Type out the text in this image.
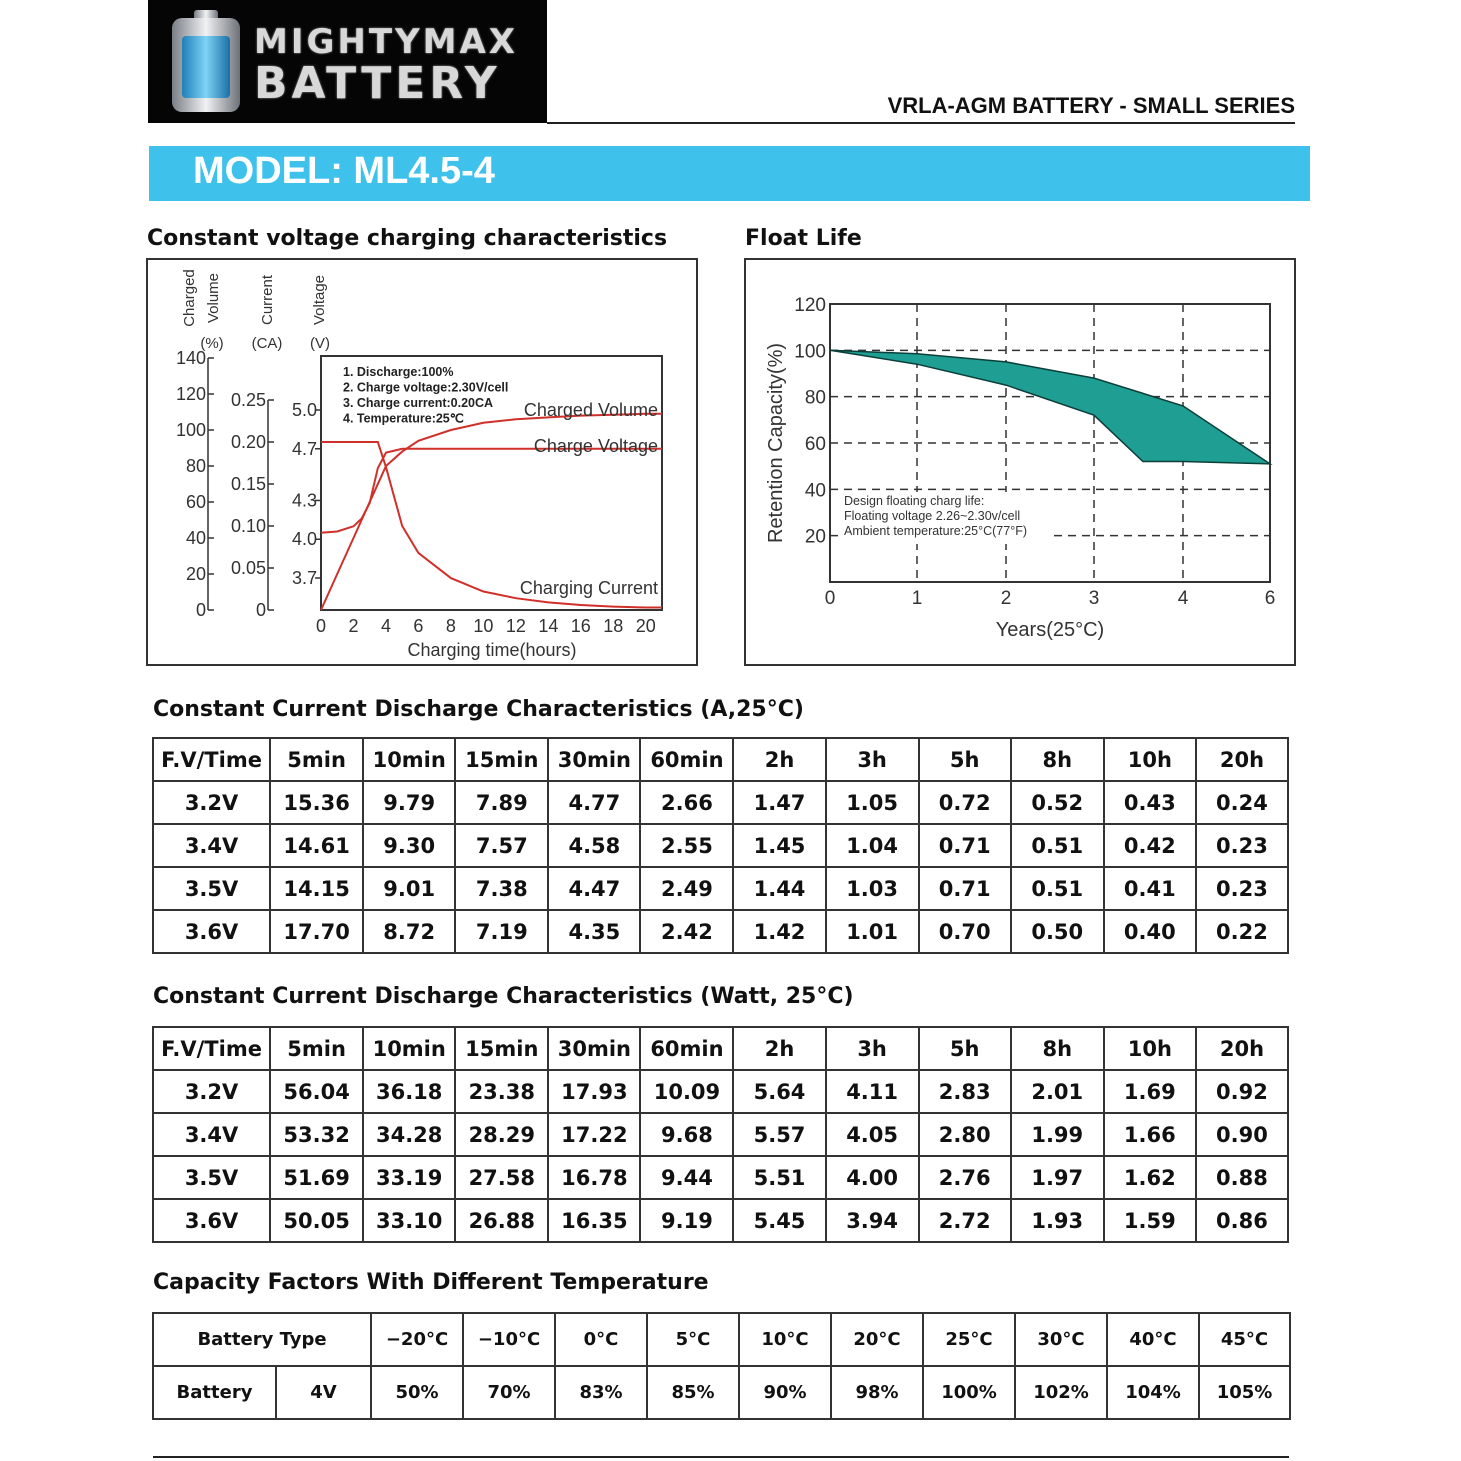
MIGHTYMAX
BATTERY	VRLA-AGM BATTERY - SMALL SERIES
MODEL: ML4.5-4
Constant voltage charging characteristics
Charged Volume
(%)
Current
(CA)
Voltage
(V)
140
120
100
80
60
40
20
0
0.25
0.20
0.15
0.10
0.05
0
5.0
4.7
4.3
4.0
3.7
0 2 4 6 8 10 12 14 16 18 20
Charging time(hours)
1. Discharge:100%
2. Charge voltage:2.30V/cell
3. Charge current:0.20CA
4. Temperature:25℃	Charged Volume
Charge Voltage
Charging Current
Float Life
Design floating charg life:
Floating voltage 2.26~2.30v/cell
Ambient temperature:25°C(77°F)
120
100
80
60
40
20
0	1	2	3	4	6
Years(25°C)
Retention Capacity(%)
Constant Current Discharge Characteristics (A,25°C)
F.V/Time	5min	10min	15min	30min	60min	2h	3h	5h	8h	10h	20h
3.2V	15.36	9.79	7.89	4.77	2.66	1.47	1.05	0.72	0.52	0.43	0.24
3.4V	14.61	9.30	7.57	4.58	2.55	1.45	1.04	0.71	0.51	0.42	0.23
3.5V	14.15	9.01	7.38	4.47	2.49	1.44	1.03	0.71	0.51	0.41	0.23
3.6V	17.70	8.72	7.19	4.35	2.42	1.42	1.01	0.70	0.50	0.40	0.22
Constant Current Discharge Characteristics (Watt, 25°C)
F.V/Time	5min	10min	15min	30min	60min	2h	3h	5h	8h	10h	20h
3.2V	56.04	36.18	23.38	17.93	10.09	5.64	4.11	2.83	2.01	1.69	0.92
3.4V	53.32	34.28	28.29	17.22	9.68	5.57	4.05	2.80	1.99	1.66	0.90
3.5V	51.69	33.19	27.58	16.78	9.44	5.51	4.00	2.76	1.97	1.62	0.88
3.6V	50.05	33.10	26.88	16.35	9.19	5.45	3.94	2.72	1.93	1.59	0.86
Capacity Factors With Different Temperature
Battery Type		−20°C	−10°C	0°C	5°C	10°C	20°C	25°C	30°C	40°C	45°C
Battery	4V	50%	70%	83%	85%	90%	98%	100%	102%	104%	105%
